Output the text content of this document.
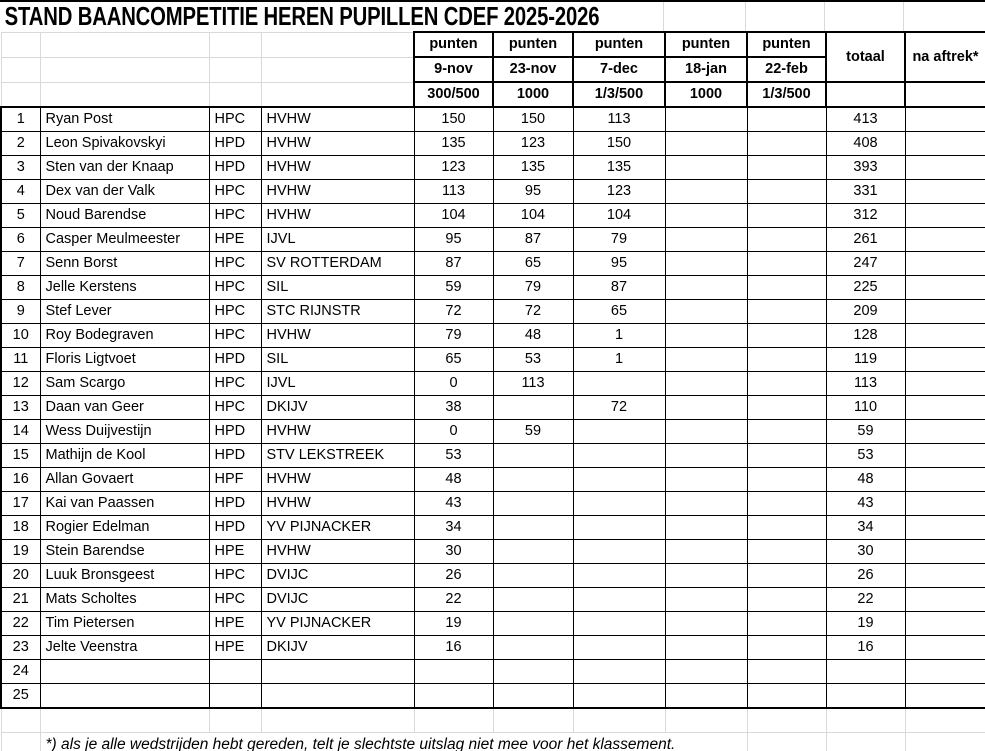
STAND BAANCOMPETITIE HEREN PUPILLEN CDEF 2025-2026
				punten	punten	punten	punten	punten	totaal	na aftrek*
				9-nov	23-nov	7-dec	18-jan	22-feb		
				300/500	1000	1/3/500	1000	1/3/500		
1	Ryan Post	HPC	HVHW	150	150	113			413	
2	Leon Spivakovskyi	HPD	HVHW	135	123	150			408	
3	Sten van der Knaap	HPD	HVHW	123	135	135			393	
4	Dex van der Valk	HPC	HVHW	113	95	123			331	
5	Noud Barendse	HPC	HVHW	104	104	104			312	
6	Casper Meulmeester	HPE	IJVL	95	87	79			261	
7	Senn Borst	HPC	SV ROTTERDAM	87	65	95			247	
8	Jelle Kerstens	HPC	SIL	59	79	87			225	
9	Stef Lever	HPC	STC RIJNSTR	72	72	65			209	
10	Roy Bodegraven	HPC	HVHW	79	48	1			128	
11	Floris Ligtvoet	HPD	SIL	65	53	1			119	
12	Sam Scargo	HPC	IJVL	0	113				113	
13	Daan van Geer	HPC	DKIJV	38		72			110	
14	Wess Duijvestijn	HPD	HVHW	0	59				59	
15	Mathijn de Kool	HPD	STV LEKSTREEK	53					53	
16	Allan Govaert	HPF	HVHW	48					48	
17	Kai van Paassen	HPD	HVHW	43					43	
18	Rogier Edelman	HPD	YV PIJNACKER	34					34	
19	Stein Barendse	HPE	HVHW	30					30	
20	Luuk Bronsgeest	HPC	DVIJC	26					26	
21	Mats Scholtes	HPC	DVIJC	22					22	
22	Tim Pietersen	HPE	YV PIJNACKER	19					19	
23	Jelte Veenstra	HPE	DKIJV	16					16	
24										
25										

	*) als je alle wedstrijden hebt gereden, telt je slechtste uitslag niet mee voor het klassement.									
